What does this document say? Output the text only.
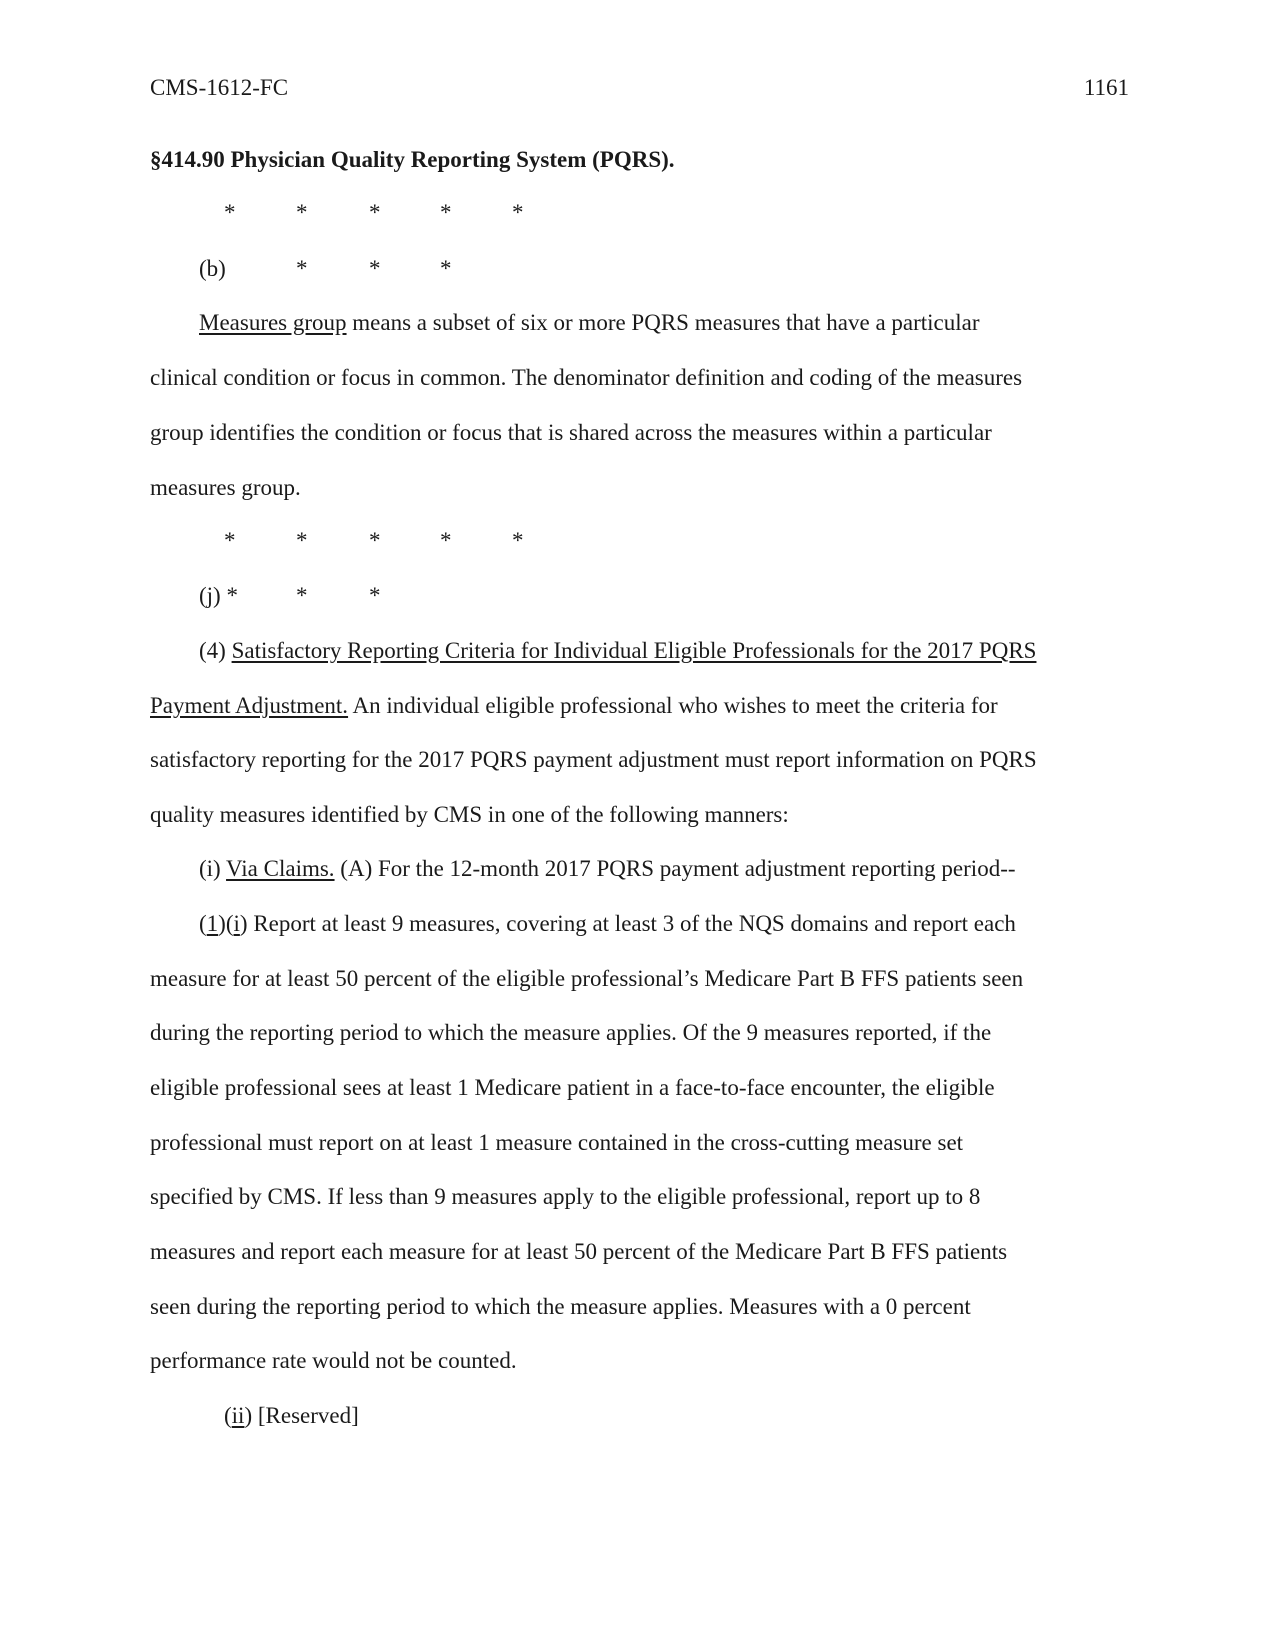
CMS-1612-FC	1161
§414.90 Physician Quality Reporting System (PQRS).
*	*	*	*	*
(b)	*	*	*
Measures group means a subset of six or more PQRS measures that have a particular
clinical condition or focus in common. The denominator definition and coding of the measures
group identifies the condition or focus that is shared across the measures within a particular
measures group.
*	*	*	*	*
(j) *	*	*
(4) Satisfactory Reporting Criteria for Individual Eligible Professionals for the 2017 PQRS
Payment Adjustment. An individual eligible professional who wishes to meet the criteria for
satisfactory reporting for the 2017 PQRS payment adjustment must report information on PQRS
quality measures identified by CMS in one of the following manners:
(i) Via Claims. (A) For the 12-month 2017 PQRS payment adjustment reporting period--
(1)(i) Report at least 9 measures, covering at least 3 of the NQS domains and report each
measure for at least 50 percent of the eligible professional’s Medicare Part B FFS patients seen
during the reporting period to which the measure applies. Of the 9 measures reported, if the
eligible professional sees at least 1 Medicare patient in a face-to-face encounter, the eligible
professional must report on at least 1 measure contained in the cross-cutting measure set
specified by CMS. If less than 9 measures apply to the eligible professional, report up to 8
measures and report each measure for at least 50 percent of the Medicare Part B FFS patients
seen during the reporting period to which the measure applies. Measures with a 0 percent
performance rate would not be counted.
(ii) [Reserved]
